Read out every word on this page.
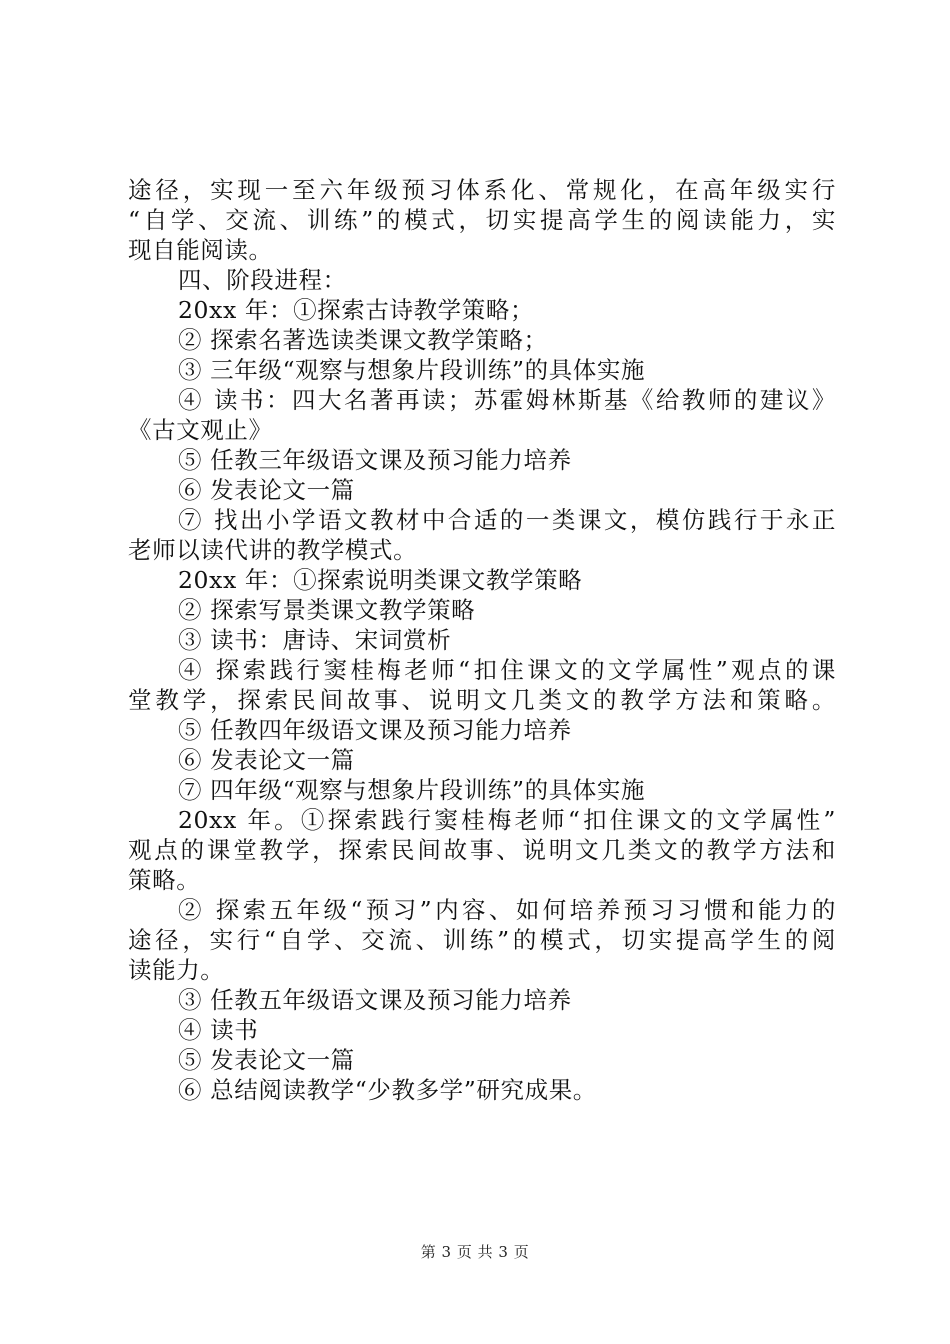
途径，实现一至六年级预习体系化、常规化，在高年级实行
“自学、交流、训练”的模式，切实提高学生的阅读能力，实
现自能阅读。
四、阶段进程：
20xx 年：①探索古诗教学策略；
② 探索名著选读类课文教学策略；
③ 三年级“观察与想象片段训练”的具体实施
④ 读书：四大名著再读；苏霍姆林斯基《给教师的建议》
《古文观止》
⑤ 任教三年级语文课及预习能力培养
⑥ 发表论文一篇
⑦ 找出小学语文教材中合适的一类课文，模仿践行于永正
老师以读代讲的教学模式。
20xx 年：①探索说明类课文教学策略
② 探索写景类课文教学策略
③ 读书：唐诗、宋词赏析
④ 探索践行窦桂梅老师“扣住课文的文学属性”观点的课
堂教学，探索民间故事、说明文几类文的教学方法和策略。
⑤ 任教四年级语文课及预习能力培养
⑥ 发表论文一篇
⑦ 四年级“观察与想象片段训练”的具体实施
20xx 年。①探索践行窦桂梅老师“扣住课文的文学属性”
观点的课堂教学，探索民间故事、说明文几类文的教学方法和
策略。
② 探索五年级“预习”内容、如何培养预习习惯和能力的
途径，实行“自学、交流、训练”的模式，切实提高学生的阅
读能力。
③ 任教五年级语文课及预习能力培养
④ 读书
⑤ 发表论文一篇
⑥ 总结阅读教学“少教多学”研究成果。
第 3 页 共 3 页
